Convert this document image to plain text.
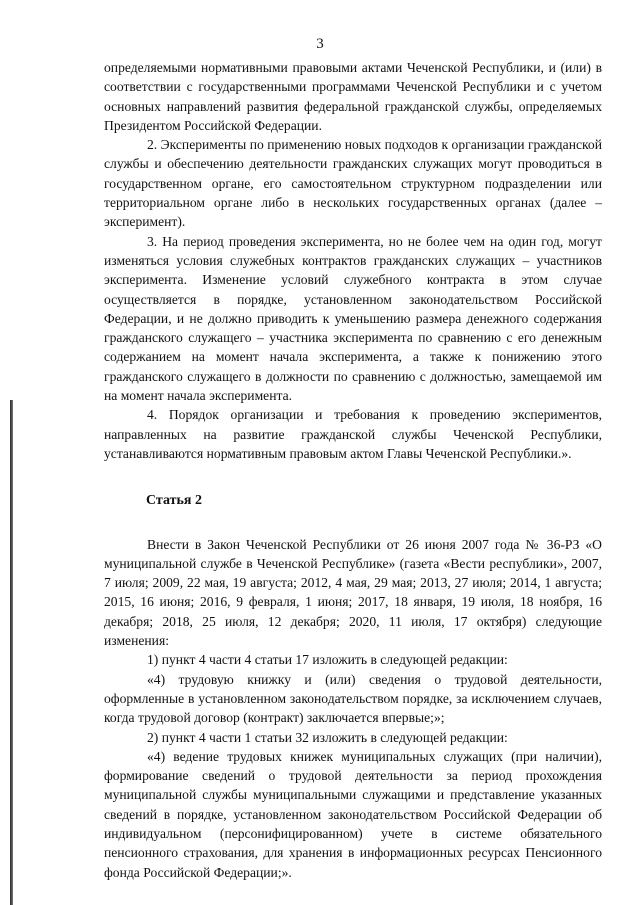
3

определяемыми нормативными правовыми актами Чеченской Республики, и (или) в соответствии с государственными программами Чеченской Республики и с учетом основных направлений развития федеральной гражданской службы, определяемых Президентом Российской Федерации.

2. Эксперименты по применению новых подходов к организации гражданской службы и обеспечению деятельности гражданских служащих могут проводиться в государственном органе, его самостоятельном структурном подразделении или территориальном органе либо в нескольких государственных органах (далее – эксперимент).

3. На период проведения эксперимента, но не более чем на один год, могут изменяться условия служебных контрактов гражданских служащих – участников эксперимента. Изменение условий служебного контракта в этом случае осуществляется в порядке, установленном законодательством Российской Федерации, и не должно приводить к уменьшению размера денежного содержания гражданского служащего – участника эксперимента по сравнению с его денежным содержанием на момент начала эксперимента, а также к понижению этого гражданского служащего в должности по сравнению с должностью, замещаемой им на момент начала эксперимента.

4. Порядок организации и требования к проведению экспериментов, направленных на развитие гражданской службы Чеченской Республики, устанавливаются нормативным правовым актом Главы Чеченской Республики.».

Статья 2

Внести в Закон Чеченской Республики от 26 июня 2007 года № 36-РЗ «О муниципальной службе в Чеченской Республике» (газета «Вести республики», 2007, 7 июля; 2009, 22 мая, 19 августа; 2012, 4 мая, 29 мая; 2013, 27 июля; 2014, 1 августа; 2015, 16 июня; 2016, 9 февраля, 1 июня; 2017, 18 января, 19 июля, 18 ноября, 16 декабря; 2018, 25 июля, 12 декабря; 2020, 11 июля, 17 октября) следующие изменения:

1) пункт 4 части 4 статьи 17 изложить в следующей редакции:

«4) трудовую книжку и (или) сведения о трудовой деятельности, оформленные в установленном законодательством порядке, за исключением случаев, когда трудовой договор (контракт) заключается впервые;»;

2) пункт 4 части 1 статьи 32 изложить в следующей редакции:

«4) ведение трудовых книжек муниципальных служащих (при наличии), формирование сведений о трудовой деятельности за период прохождения муниципальной службы муниципальными служащими и представление указанных сведений в порядке, установленном законодательством Российской Федерации об индивидуальном (персонифицированном) учете в системе обязательного пенсионного страхования, для хранения в информационных ресурсах Пенсионного фонда Российской Федерации;».
